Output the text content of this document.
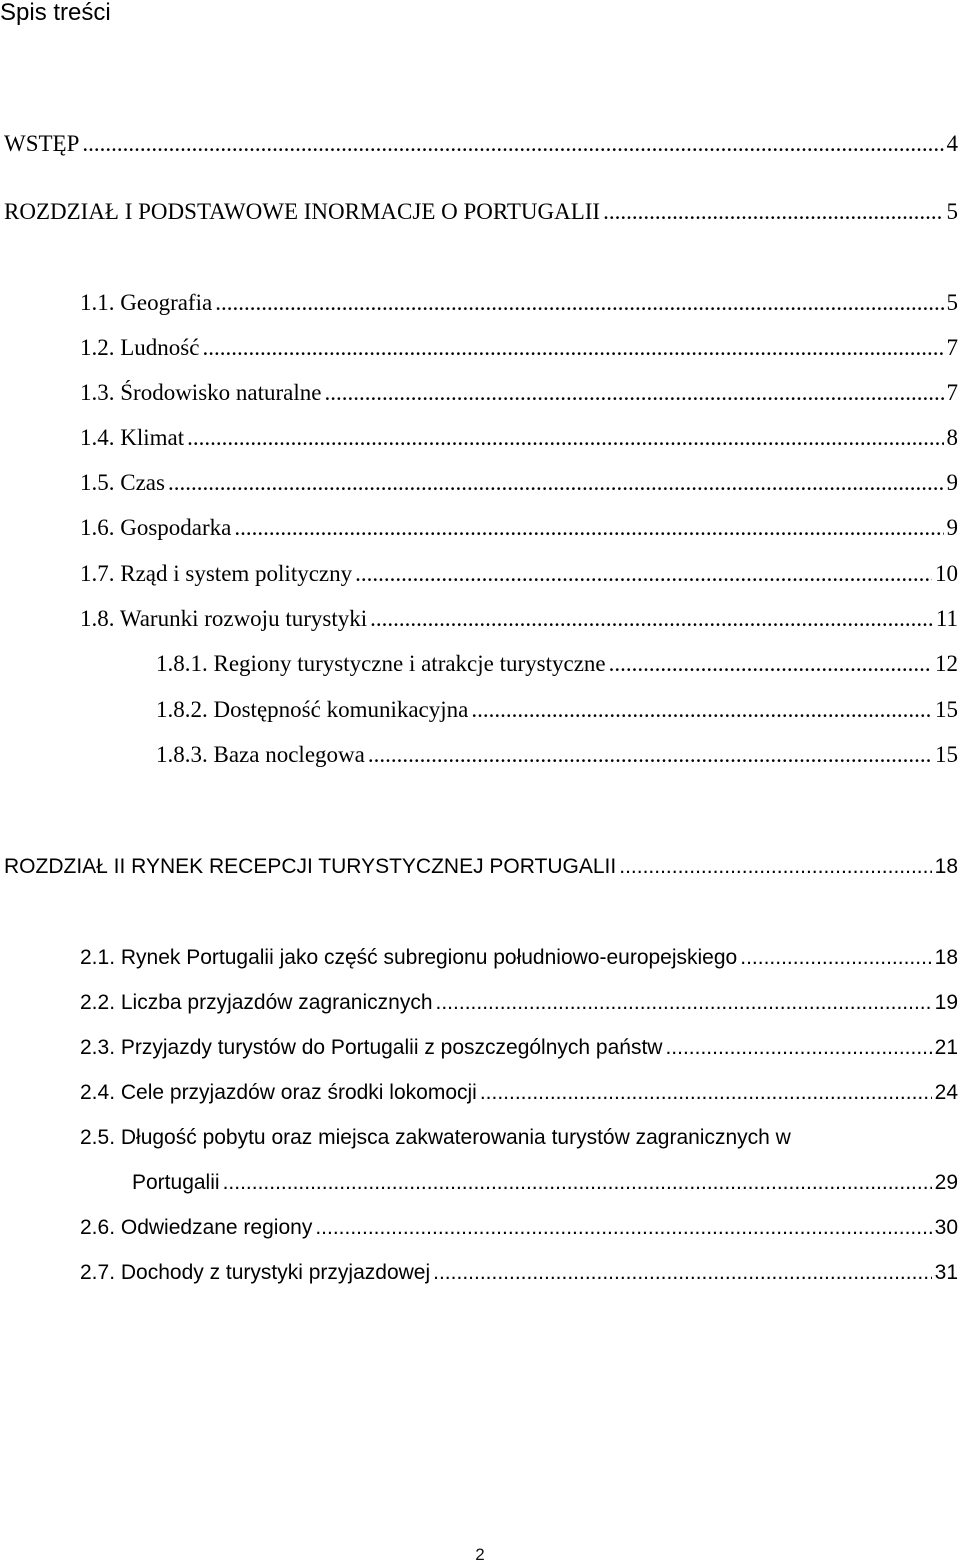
Spis treści
WSTĘP .....	4
ROZDZIAŁ I PODSTAWOWE INORMACJE O PORTUGALII .....	5
1.1. Geografia .....	5
1.2. Ludność .....	7
1.3. Środowisko naturalne .....	7
1.4. Klimat .....	8
1.5. Czas .....	9
1.6. Gospodarka .....	9
1.7. Rząd i system polityczny .....	10
1.8. Warunki rozwoju turystyki .....	11
1.8.1. Regiony turystyczne i atrakcje turystyczne .....	12
1.8.2. Dostępność komunikacyjna .....	15
1.8.3. Baza noclegowa .....	15
ROZDZIAŁ II RYNEK RECEPCJI TURYSTYCZNEJ PORTUGALII .....	18
2.1. Rynek Portugalii jako część subregionu południowo-europejskiego .....	18
2.2. Liczba przyjazdów zagranicznych .....	19
2.3. Przyjazdy turystów do Portugalii z poszczególnych państw .....	21
2.4. Cele przyjazdów oraz środki lokomocji .....	24
2.5. Długość pobytu oraz miejsca zakwaterowania turystów zagranicznych w
Portugalii .....	29
2.6. Odwiedzane regiony .....	30
2.7. Dochody z turystyki przyjazdowej .....	31
2
